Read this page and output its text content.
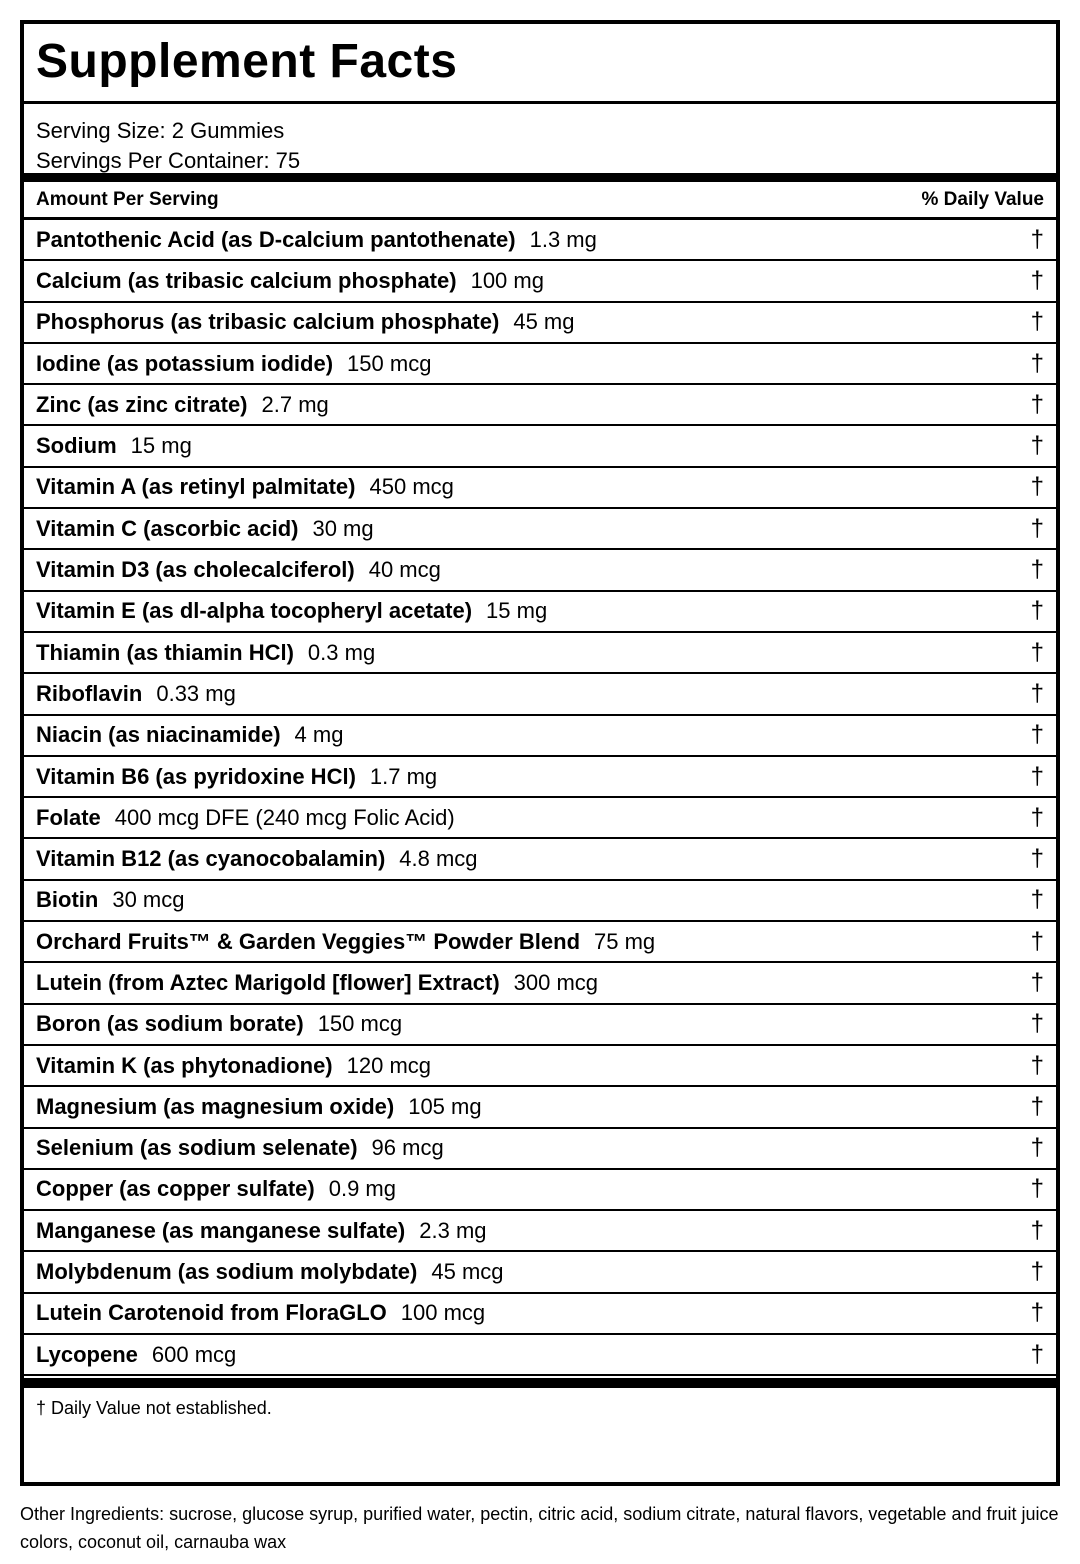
Supplement Facts
Serving Size: 2 Gummies
Servings Per Container: 75
Amount Per Serving	% Daily Value
Pantothenic Acid (as D-calcium pantothenate) 1.3 mg	†
Calcium (as tribasic calcium phosphate) 100 mg	†
Phosphorus (as tribasic calcium phosphate) 45 mg	†
Iodine (as potassium iodide) 150 mcg	†
Zinc (as zinc citrate) 2.7 mg	†
Sodium 15 mg	†
Vitamin A (as retinyl palmitate) 450 mcg	†
Vitamin C (ascorbic acid) 30 mg	†
Vitamin D3 (as cholecalciferol) 40 mcg	†
Vitamin E (as dl-alpha tocopheryl acetate) 15 mg	†
Thiamin (as thiamin HCl) 0.3 mg	†
Riboflavin 0.33 mg	†
Niacin (as niacinamide) 4 mg	†
Vitamin B6 (as pyridoxine HCl) 1.7 mg	†
Folate 400 mcg DFE (240 mcg Folic Acid)	†
Vitamin B12 (as cyanocobalamin) 4.8 mcg	†
Biotin 30 mcg	†
Orchard Fruits™ & Garden Veggies™ Powder Blend 75 mg	†
Lutein (from Aztec Marigold [flower] Extract) 300 mcg	†
Boron (as sodium borate) 150 mcg	†
Vitamin K (as phytonadione) 120 mcg	†
Magnesium (as magnesium oxide) 105 mg	†
Selenium (as sodium selenate) 96 mcg	†
Copper (as copper sulfate) 0.9 mg	†
Manganese (as manganese sulfate) 2.3 mg	†
Molybdenum (as sodium molybdate) 45 mcg	†
Lutein Carotenoid from FloraGLO 100 mcg	†
Lycopene 600 mcg	†
† Daily Value not established.
Other Ingredients: sucrose, glucose syrup, purified water, pectin, citric acid, sodium citrate, natural flavors, vegetable and fruit juice colors, coconut oil, carnauba wax
